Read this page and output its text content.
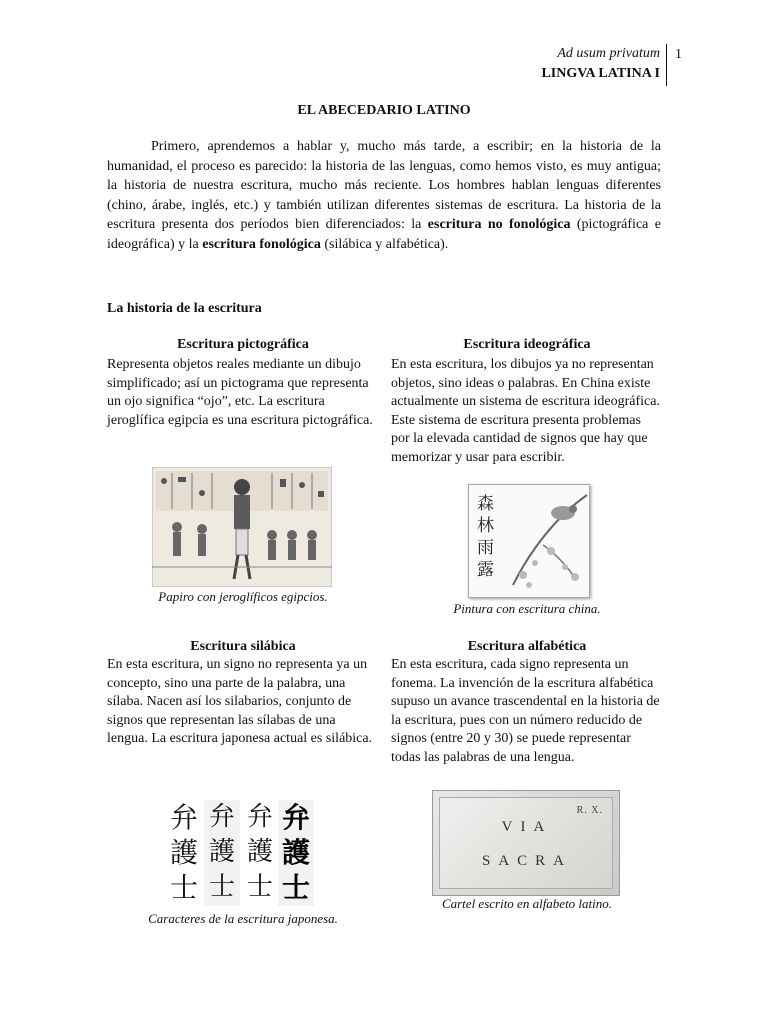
Ad usum privatum
LINGVA LATINA I
1
EL ABECEDARIO LATINO

Primero, aprendemos a hablar y, mucho más tarde, a escribir; en la historia de la humanidad, el proceso es parecido: la historia de las lenguas, como hemos visto, es muy antigua; la historia de nuestra escritura, mucho más reciente. Los hombres hablan lenguas diferentes (chino, árabe, inglés, etc.) y también utilizan diferentes sistemas de escritura. La historia de la escritura presenta dos períodos bien diferenciados: la escritura no fonológica (pictográfica e ideográfica) y la escritura fonológica (silábica y alfabética).

La historia de la escritura
Escritura pictográfica

Representa objetos reales mediante un dibujo simplificado; así un pictograma que representa un ojo significa “ojo”, etc. La escritura jeroglífica egipcia es una escritura pictográfica.

Papiro con jeroglíficos egipcios.
Escritura ideográfica

En esta escritura, los dibujos ya no representan objetos, sino ideas o palabras. En China existe actualmente un sistema de escritura ideográfica. Este sistema de escritura presenta problemas por la elevada cantidad de signos que hay que memorizar y usar para escribir.

森
林
雨
露
Pintura con escritura china.
Escritura silábica

En esta escritura, un signo no representa ya un concepto, sino una parte de la palabra, una sílaba. Nacen así los silabarios, conjunto de signos que representan las sílabas de una lengua. La escritura japonesa actual es silábica.

弁
護
士
弁
護
士
弁
護
士
弁
護
士
Caracteres de la escritura japonesa.
Escritura alfabética

En esta escritura, cada signo representa un fonema. La invención de la escritura alfabética supuso un avance trascendental en la historia de la escritura, pues con un número reducido de signos (entre 20 y 30) se puede representar todas las palabras de una lengua.

R. X.
VIA
SACRA
Cartel escrito en alfabeto latino.
